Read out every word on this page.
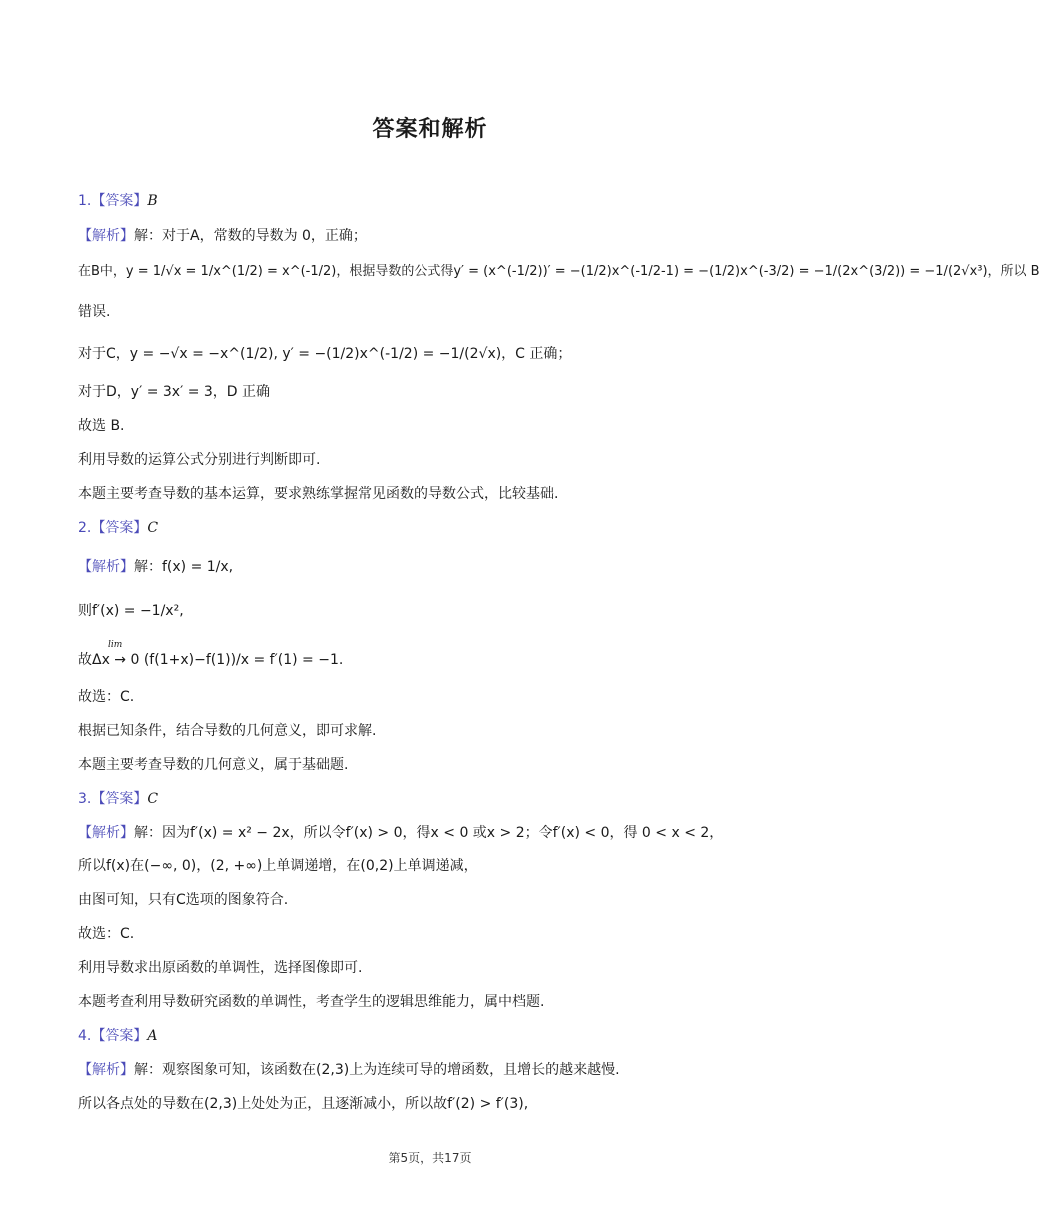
答案和解析
1.【答案】B
【解析】解：对于A，常数的导数为 0，正确；
在B中，y = 1/√x = 1/x^(1/2) = x^(-1/2)，根据导数的公式得y′ = (x^(-1/2))′ = −(1/2)x^(-1/2-1) = −(1/2)x^(-3/2) = −1/(2x^(3/2)) = −1/(2√x³)，所以 B
错误.
对于C，y = −√x = −x^(1/2), y′ = −(1/2)x^(-1/2) = −1/(2√x)，C 正确；
对于D，y′ = 3x′ = 3，D 正确
故选 B.
利用导数的运算公式分别进行判断即可.
本题主要考查导数的基本运算，要求熟练掌握常见函数的导数公式，比较基础.
2.【答案】C
【解析】解：f(x) = 1/x,
则f′(x) = −1/x²,
lim
故Δx → 0 (f(1+x)−f(1))/x = f′(1) = −1.
故选：C.
根据已知条件，结合导数的几何意义，即可求解.
本题主要考查导数的几何意义，属于基础题.
3.【答案】C
【解析】解：因为f′(x) = x² − 2x，所以令f′(x) > 0，得x < 0 或x > 2；令f′(x) < 0，得 0 < x < 2，
所以f(x)在(−∞, 0)，(2, +∞)上单调递增，在(0,2)上单调递减，
由图可知，只有C选项的图象符合.
故选：C.
利用导数求出原函数的单调性，选择图像即可.
本题考查利用导数研究函数的单调性，考查学生的逻辑思维能力，属中档题.
4.【答案】A
【解析】解：观察图象可知，该函数在(2,3)上为连续可导的增函数，且增长的越来越慢.
所以各点处的导数在(2,3)上处处为正，且逐渐减小，所以故f′(2) > f′(3),
第5页，共17页
